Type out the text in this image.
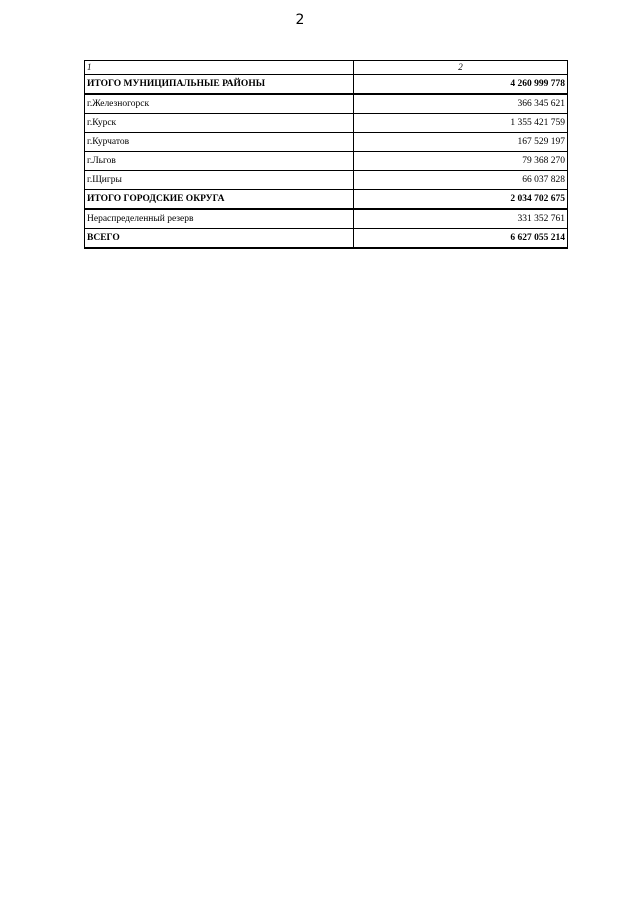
2
1	2
ИТОГО МУНИЦИПАЛЬНЫЕ РАЙОНЫ	4 260 999 778
г.Железногорск	366 345 621
г.Курск	1 355 421 759
г.Курчатов	167 529 197
г.Льгов	79 368 270
г.Щигры	66 037 828
ИТОГО ГОРОДСКИЕ ОКРУГА	2 034 702 675
Нераспределенный резерв	331 352 761
ВСЕГО	6 627 055 214
